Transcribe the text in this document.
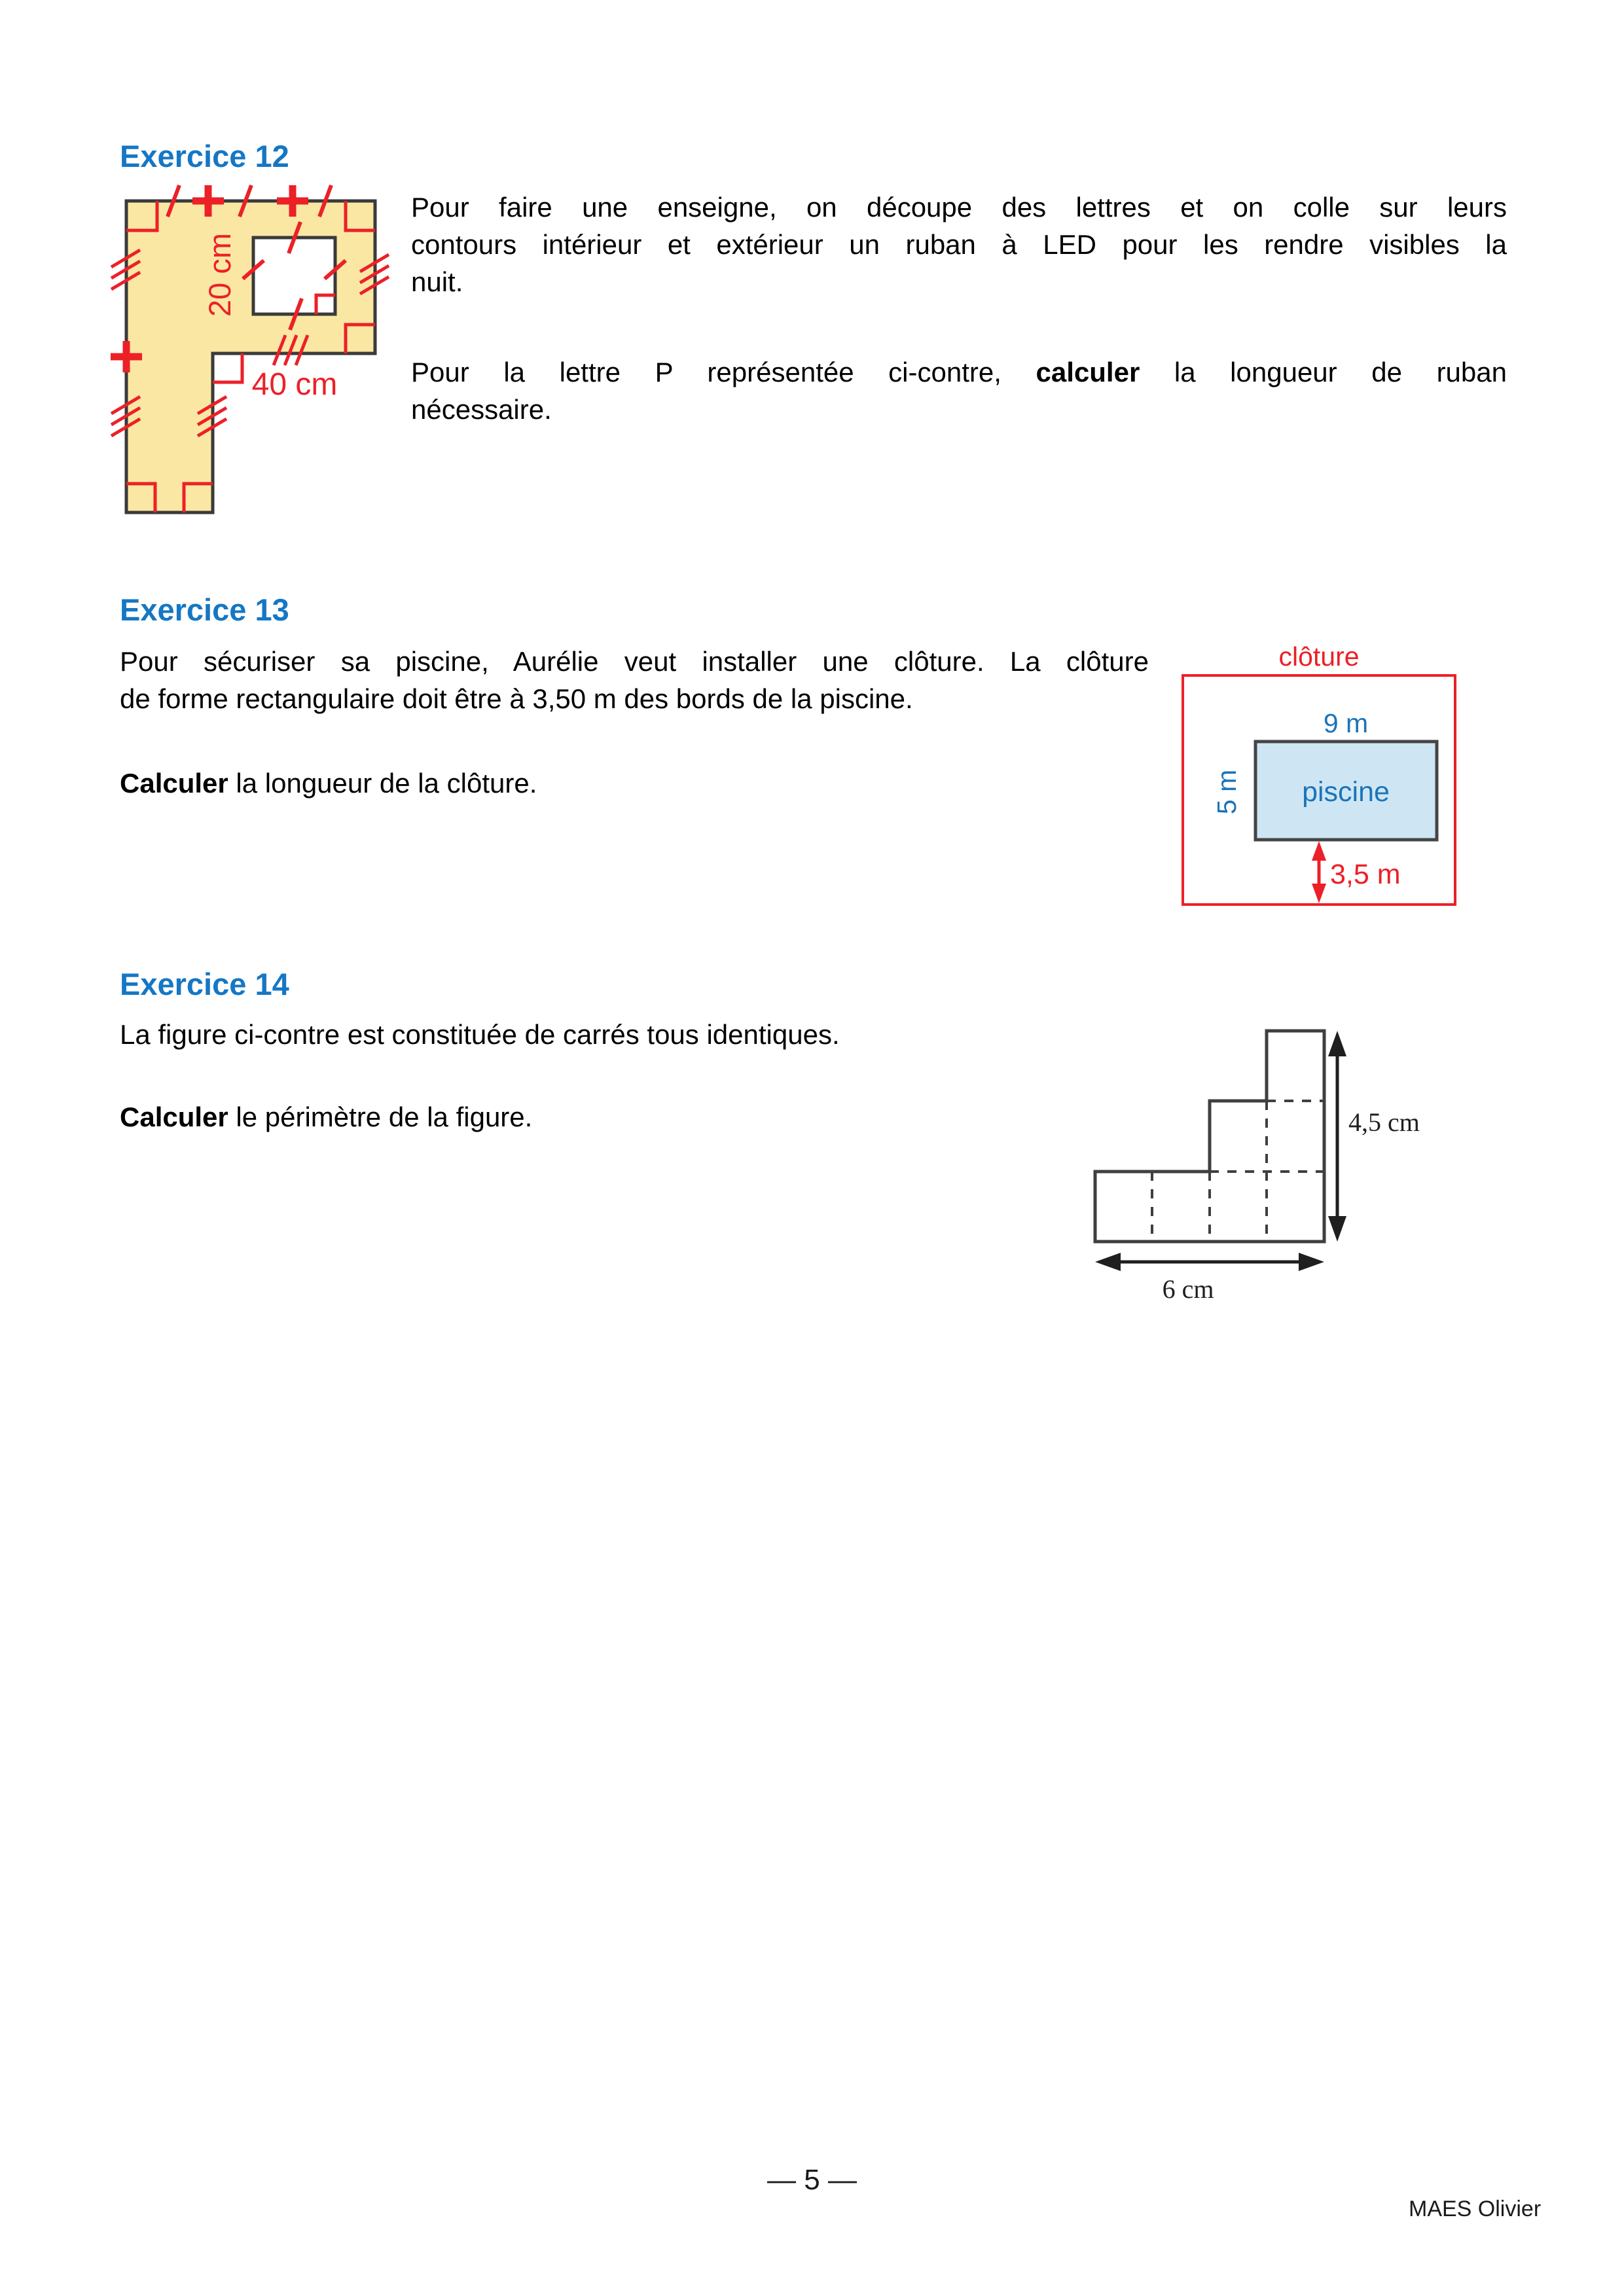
Exercice 12
20 cm
40 cm
Pour faire une enseigne, on découpe des lettres et on colle sur leurs
contours intérieur et extérieur un ruban à LED pour les rendre visibles la
nuit.
Pour la lettre P représentée ci-contre, calculer la longueur de ruban
nécessaire.
Exercice 13
Pour sécuriser sa piscine, Aurélie veut installer une clôture. La clôture
de forme rectangulaire doit être à 3,50 m des bords de la piscine.
Calculer la longueur de la clôture.
clôture
9 m
5 m piscine
3,5 m
Exercice 14
La figure ci-contre est constituée de carrés tous identiques.
Calculer le périmètre de la figure.	4,5 cm
6 cm
— 5 —
MAES Olivier
